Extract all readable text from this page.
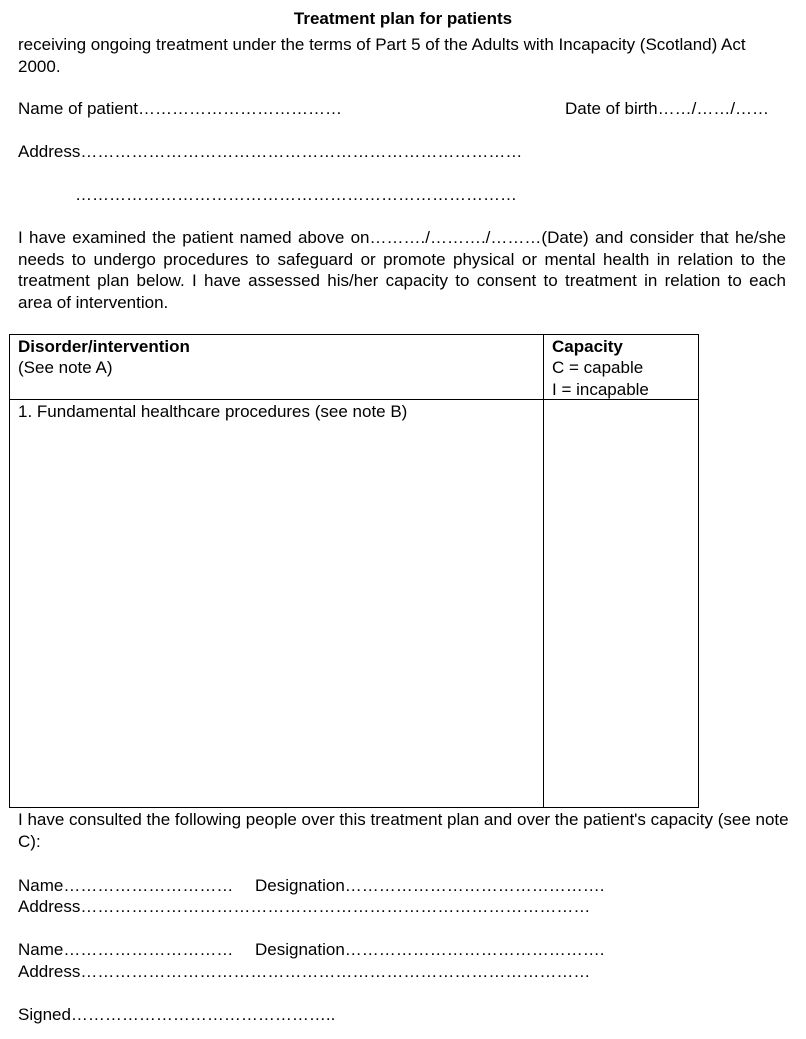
Treatment plan for patients
receiving ongoing treatment under the terms of Part 5 of the Adults with Incapacity (Scotland) Act 2000.
Name of patient………………………………	Date of birth……/……/……
Address……………………………………………………………………
……………………………………………………………………
I have examined the patient named above on………./………./………(Date) and consider that he/she needs to undergo procedures to safeguard or promote physical or mental health in relation to the treatment plan below. I have assessed his/her capacity to consent to treatment in relation to each area of intervention.
Disorder/intervention
(See note A)
Capacity
C = capable
I = incapable
1. Fundamental healthcare procedures (see note B)
I have consulted the following people over this treatment plan and over the patient's capacity (see note C):
Name………………………… Designation……………………………………….
Address………………………………………………………………………………
Name………………………… Designation……………………………………….
Address………………………………………………………………………………
Signed………………………………………..
